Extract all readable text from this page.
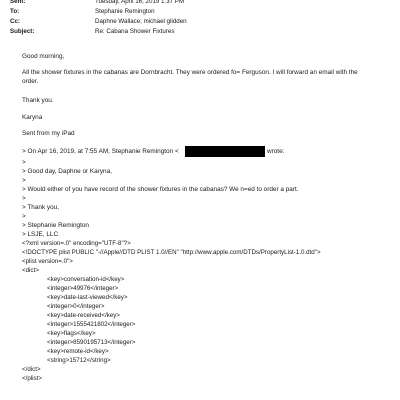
Sent:	Tuesday, April 16, 2019 1:37 PM
To:	Stephanie Remington
Cc:	Daphne Wallace; michael glidden
Subject:	Re: Cabana Shower Fixtures
Good morning,
All the shower fixtures in the cabanas are Dornbracht. They were ordered fo= Ferguson. I will forward an email with the
order.
Thank you.
Karyna
Sent from my iPad
> On Apr 16, 2019, at 7:55 AM, Stephanie Remington <	wrote:
>
> Good day, Daphne or Karyna,
>
> Would either of you have record of the shower fixtures in the cabanas? We n=ed to order a part.
>
> Thank you,
>
> Stephanie Remington
> LSJE, LLC
<?xml version=.0" encoding="UTF-8"?>
<!DOCTYPE plist PUBLIC "-//Apple//DTD PLIST 1.0//EN" "http://www.apple.com/DTDs/PropertyList-1.0.dtd">
<plist version=.0">
<dict>
<key>conversation-id</key>
<integer>49976</integer>
<key>date-last-viewed</key>
<integer>0</integer>
<key>date-received</key>
<integer>1555421802</integer>
<key>flags</key>
<integer>8590195713</integer>
<key>remote-id</key>
<string>15712</string>
</dict>
</plist>
